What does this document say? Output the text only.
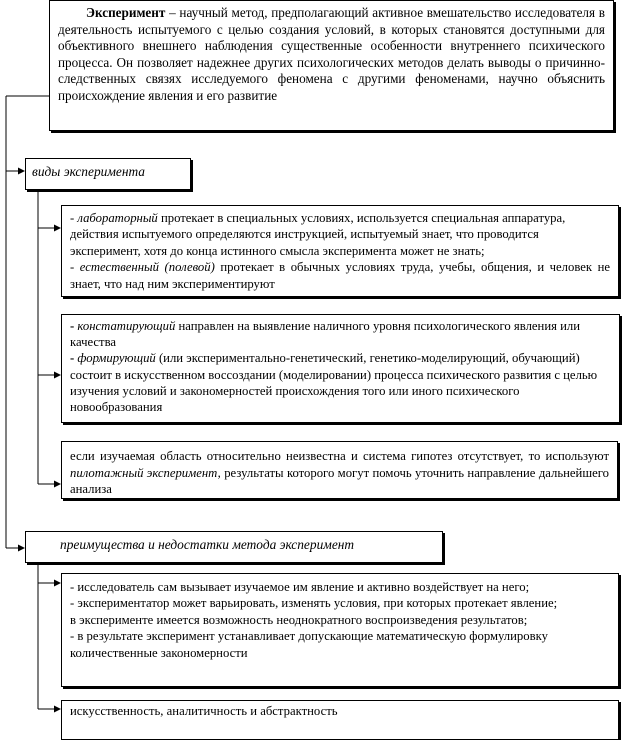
Эксперимент – научный метод, предполагающий активное вмешательство исследователя в деятельность испытуемого с целью создания условий, в которых становятся доступными для объективного внешнего наблюдения существенные особенности внутреннего психического процесса. Он позволяет надежнее других психологических методов делать выводы о причинно-следственных связях исследуемого феномена с другими феноменами, научно объяснить происхождение явления и его развитие

виды эксперимента

- лабораторный протекает в специальных условиях, используется специальная аппаратура, действия испытуемого определяются инструкцией, испытуемый знает, что проводится эксперимент, хотя до конца истинного смысла эксперимента может не знать;

- естественный (полевой) протекает в обычных условиях труда, учебы, общения, и человек не знает, что над ним экспериментируют

- констатирующий направлен на выявление наличного уровня психологического явления или качества

- формирующий (или экспериментально-генетический, генетико-моделирующий, обучающий) состоит в искусственном воссоздании (моделировании) процесса психического развития с целью изучения условий и закономерностей происхождения того или иного психического новообразования

если изучаемая область относительно неизвестна и система гипотез отсутствует, то используют пилотажный эксперимент, результаты которого могут помочь уточнить направление дальнейшего анализа

преимущества и недостатки метода эксперимент

- исследователь сам вызывает изучаемое им явление и активно воздействует на него;

- экспериментатор может варьировать, изменять условия, при которых протекает явление;

в эксперименте имеется возможность неоднократного воспроизведения результатов;

- в результате эксперимент устанавливает допускающие математическую формулировку количественные закономерности

искусственность, аналитичность и абстрактность
